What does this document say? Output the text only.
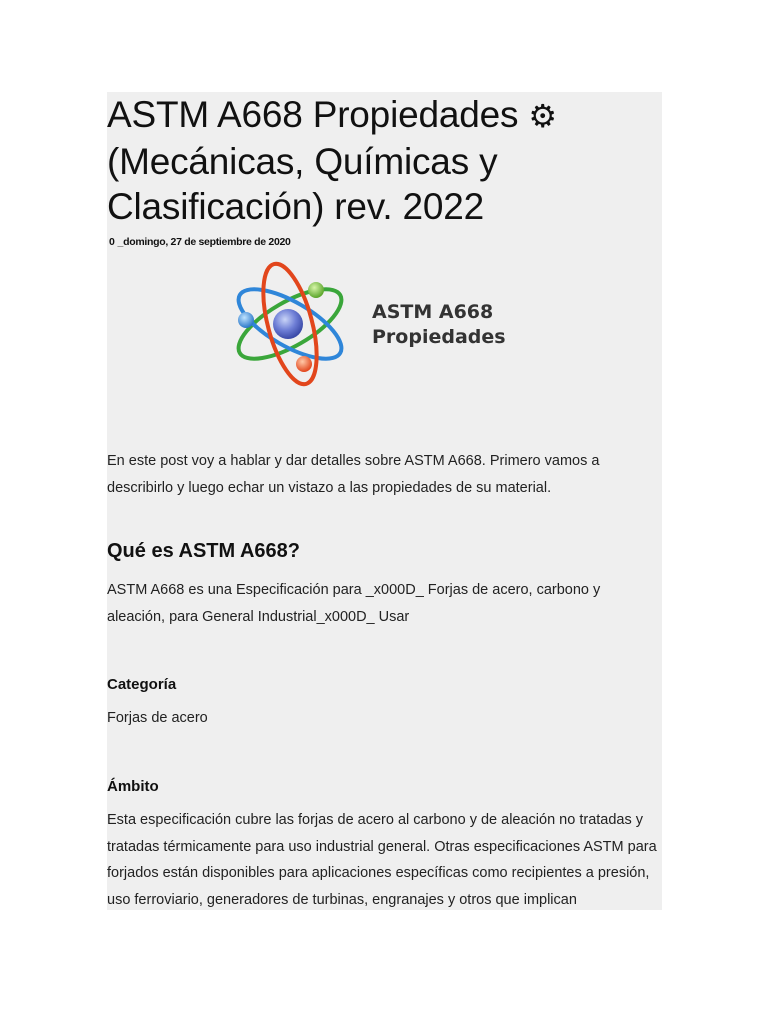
ASTM A668 Propiedades ⚙
(Mecánicas, Químicas y
Clasificación) rev. 2022
0 _domingo, 27 de septiembre de 2020
ASTM A668
Propiedades

En este post voy a hablar y dar detalles sobre ASTM A668. Primero vamos a describirlo y luego echar un vistazo a las propiedades de su material.

Qué es ASTM A668?

ASTM A668 es una Especificación para _x000D_ Forjas de acero, carbono y aleación, para General Industrial_x000D_ Usar

Categoría

Forjas de acero

Ámbito

Esta especificación cubre las forjas de acero al carbono y de aleación no tratadas y tratadas térmicamente para uso industrial general. Otras especificaciones ASTM para forjados están disponibles para aplicaciones específicas como recipientes a presión, uso ferroviario, generadores de turbinas, engranajes y otros que implican
